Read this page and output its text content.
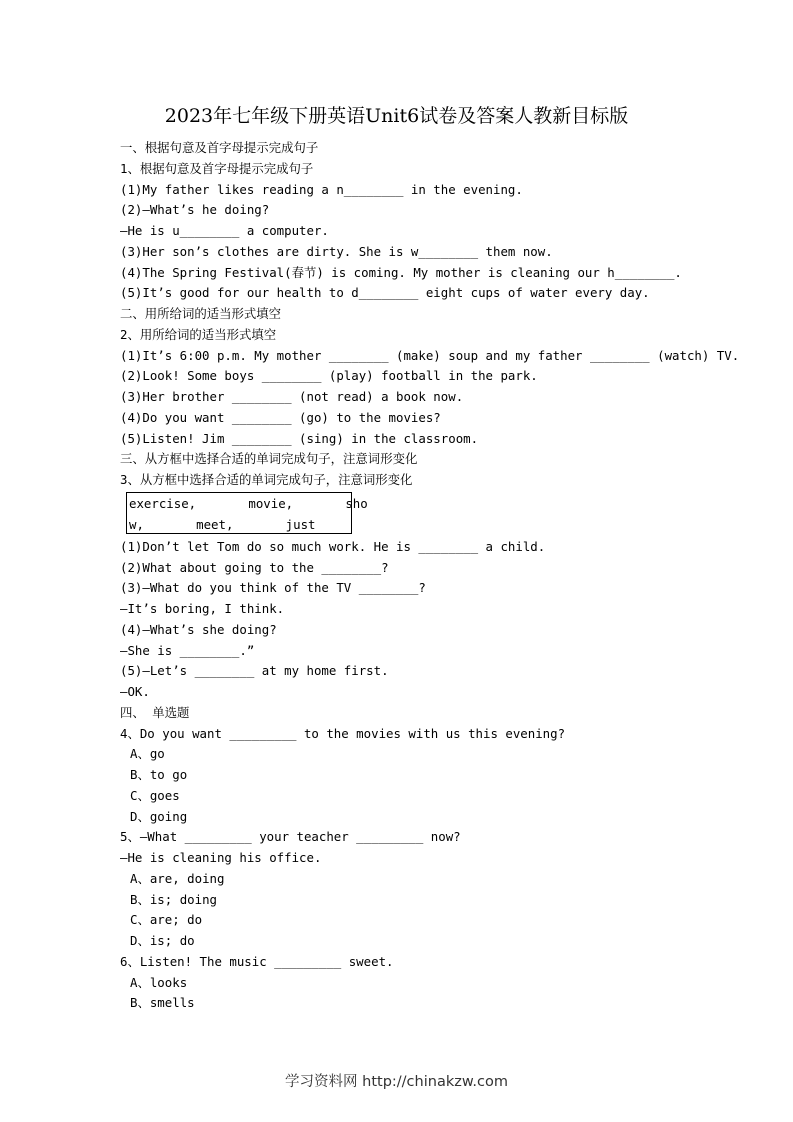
2023年七年级下册英语Unit6试卷及答案人教新目标版
一、根据句意及首字母提示完成句子
1、根据句意及首字母提示完成句子
(1)My father likes reading a n________ in the evening.
(2)—What’s he doing?
—He is u________ a computer.
(3)Her son’s clothes are dirty. She is w________ them now.
(4)The Spring Festival(春节) is coming. My mother is cleaning our h________.
(5)It’s good for our health to d________ eight cups of water every day.
二、用所给词的适当形式填空
2、用所给词的适当形式填空
(1)It’s 6:00 p.m. My mother ________ (make) soup and my father ________ (watch) TV.
(2)Look! Some boys ________ (play) football in the park.
(3)Her brother ________ (not read) a book now.
(4)Do you want ________ (go) to the movies?
(5)Listen! Jim ________ (sing) in the classroom.
三、从方框中选择合适的单词完成句子，注意词形变化
3、从方框中选择合适的单词完成句子，注意词形变化
exercise,       movie,       sho
w,       meet,       just
(1)Don’t let Tom do so much work. He is ________ a child.
(2)What about going to the ________?
(3)—What do you think of the TV ________?
—It’s boring, I think.
(4)—What’s she doing?
—She is ________.”
(5)—Let’s ________ at my home first.
—OK.
四、 单选题
4、Do you want _________ to the movies with us this evening?
A、go
B、to go
C、goes
D、going
5、—What _________ your teacher _________ now?
—He is cleaning his office.
A、are, doing
B、is; doing
C、are; do
D、is; do
6、Listen! The music _________ sweet.
A、looks
B、smells
学习资料网 http://chinakzw.com
